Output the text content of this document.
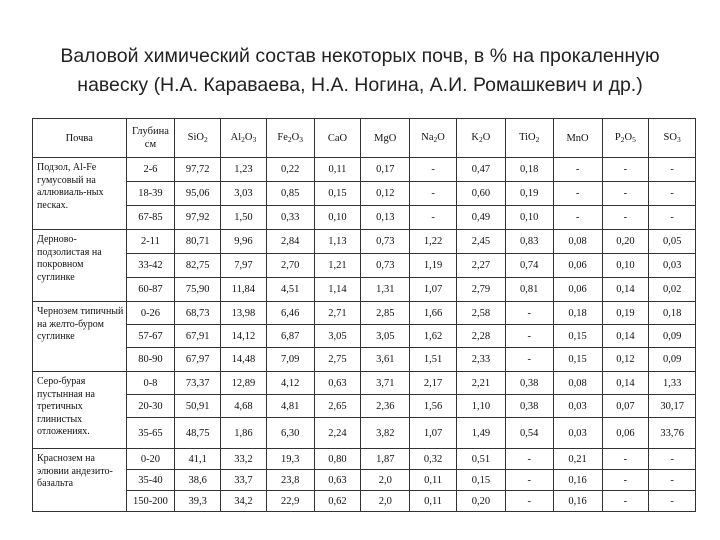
Валовой химический состав некоторых почв, в % на прокаленную
навеску (Н.А. Караваева, Н.А. Ногина, А.И. Ромашкевич и др.)
Почва	Глубина см	SiO$_2$	$Al_2O_3$	$Fe_2O_3$	CaO	MgO	$Na_2O$	$K_2O$	TiO$_2$	MnO	$P_2O_5$	$SO_3$
Подзол, Al-Fe гумусовый на аллювиаль-ных песках.	2-6	97,72	1,23	0,22	0,11	0,17	-	0,47	0,18	-	-	-
	18-39	95,06	3,03	0,85	0,15	0,12	-	0,60	0,19	-	-	-
	67-85	97,92	1,50	0,33	0,10	0,13	-	0,49	0,10	-	-	-
Дерново-подзолистая на покровном суглинке	2-11	80,71	9,96	2,84	1,13	0,73	1,22	2,45	0,83	0,08	0,20	0,05
	33-42	82,75	7,97	2,70	1,21	0,73	1,19	2,27	0,74	0,06	0,10	0,03
	60-87	75,90	11,84	4,51	1,14	1,31	1,07	2,79	0,81	0,06	0,14	0,02
Чернозем типичный на желто-буром суглинке	0-26	68,73	13,98	6,46	2,71	2,85	1,66	2,58	-	0,18	0,19	0,18
	57-67	67,91	14,12	6,87	3,05	3,05	1,62	2,28	-	0,15	0,14	0,09
	80-90	67,97	14,48	7,09	2,75	3,61	1,51	2,33	-	0,15	0,12	0,09
Серо-бурая пустынная на третичных глинистых отложениях.	0-8	73,37	12,89	4,12	0,63	3,71	2,17	2,21	0,38	0,08	0,14	1,33
	20-30	50,91	4,68	4,81	2,65	2,36	1,56	1,10	0,38	0,03	0,07	30,17
	35-65	48,75	1,86	6,30	2,24	3,82	1,07	1,49	0,54	0,03	0,06	33,76
Краснозем на элювии андезито-базальта	0-20	41,1	33,2	19,3	0,80	1,87	0,32	0,51	-	0,21	-	-
	35-40	38,6	33,7	23,8	0,63	2,0	0,11	0,15	-	0,16	-	-
	150-200	39,3	34,2	22,9	0,62	2,0	0,11	0,20	-	0,16	-	-
